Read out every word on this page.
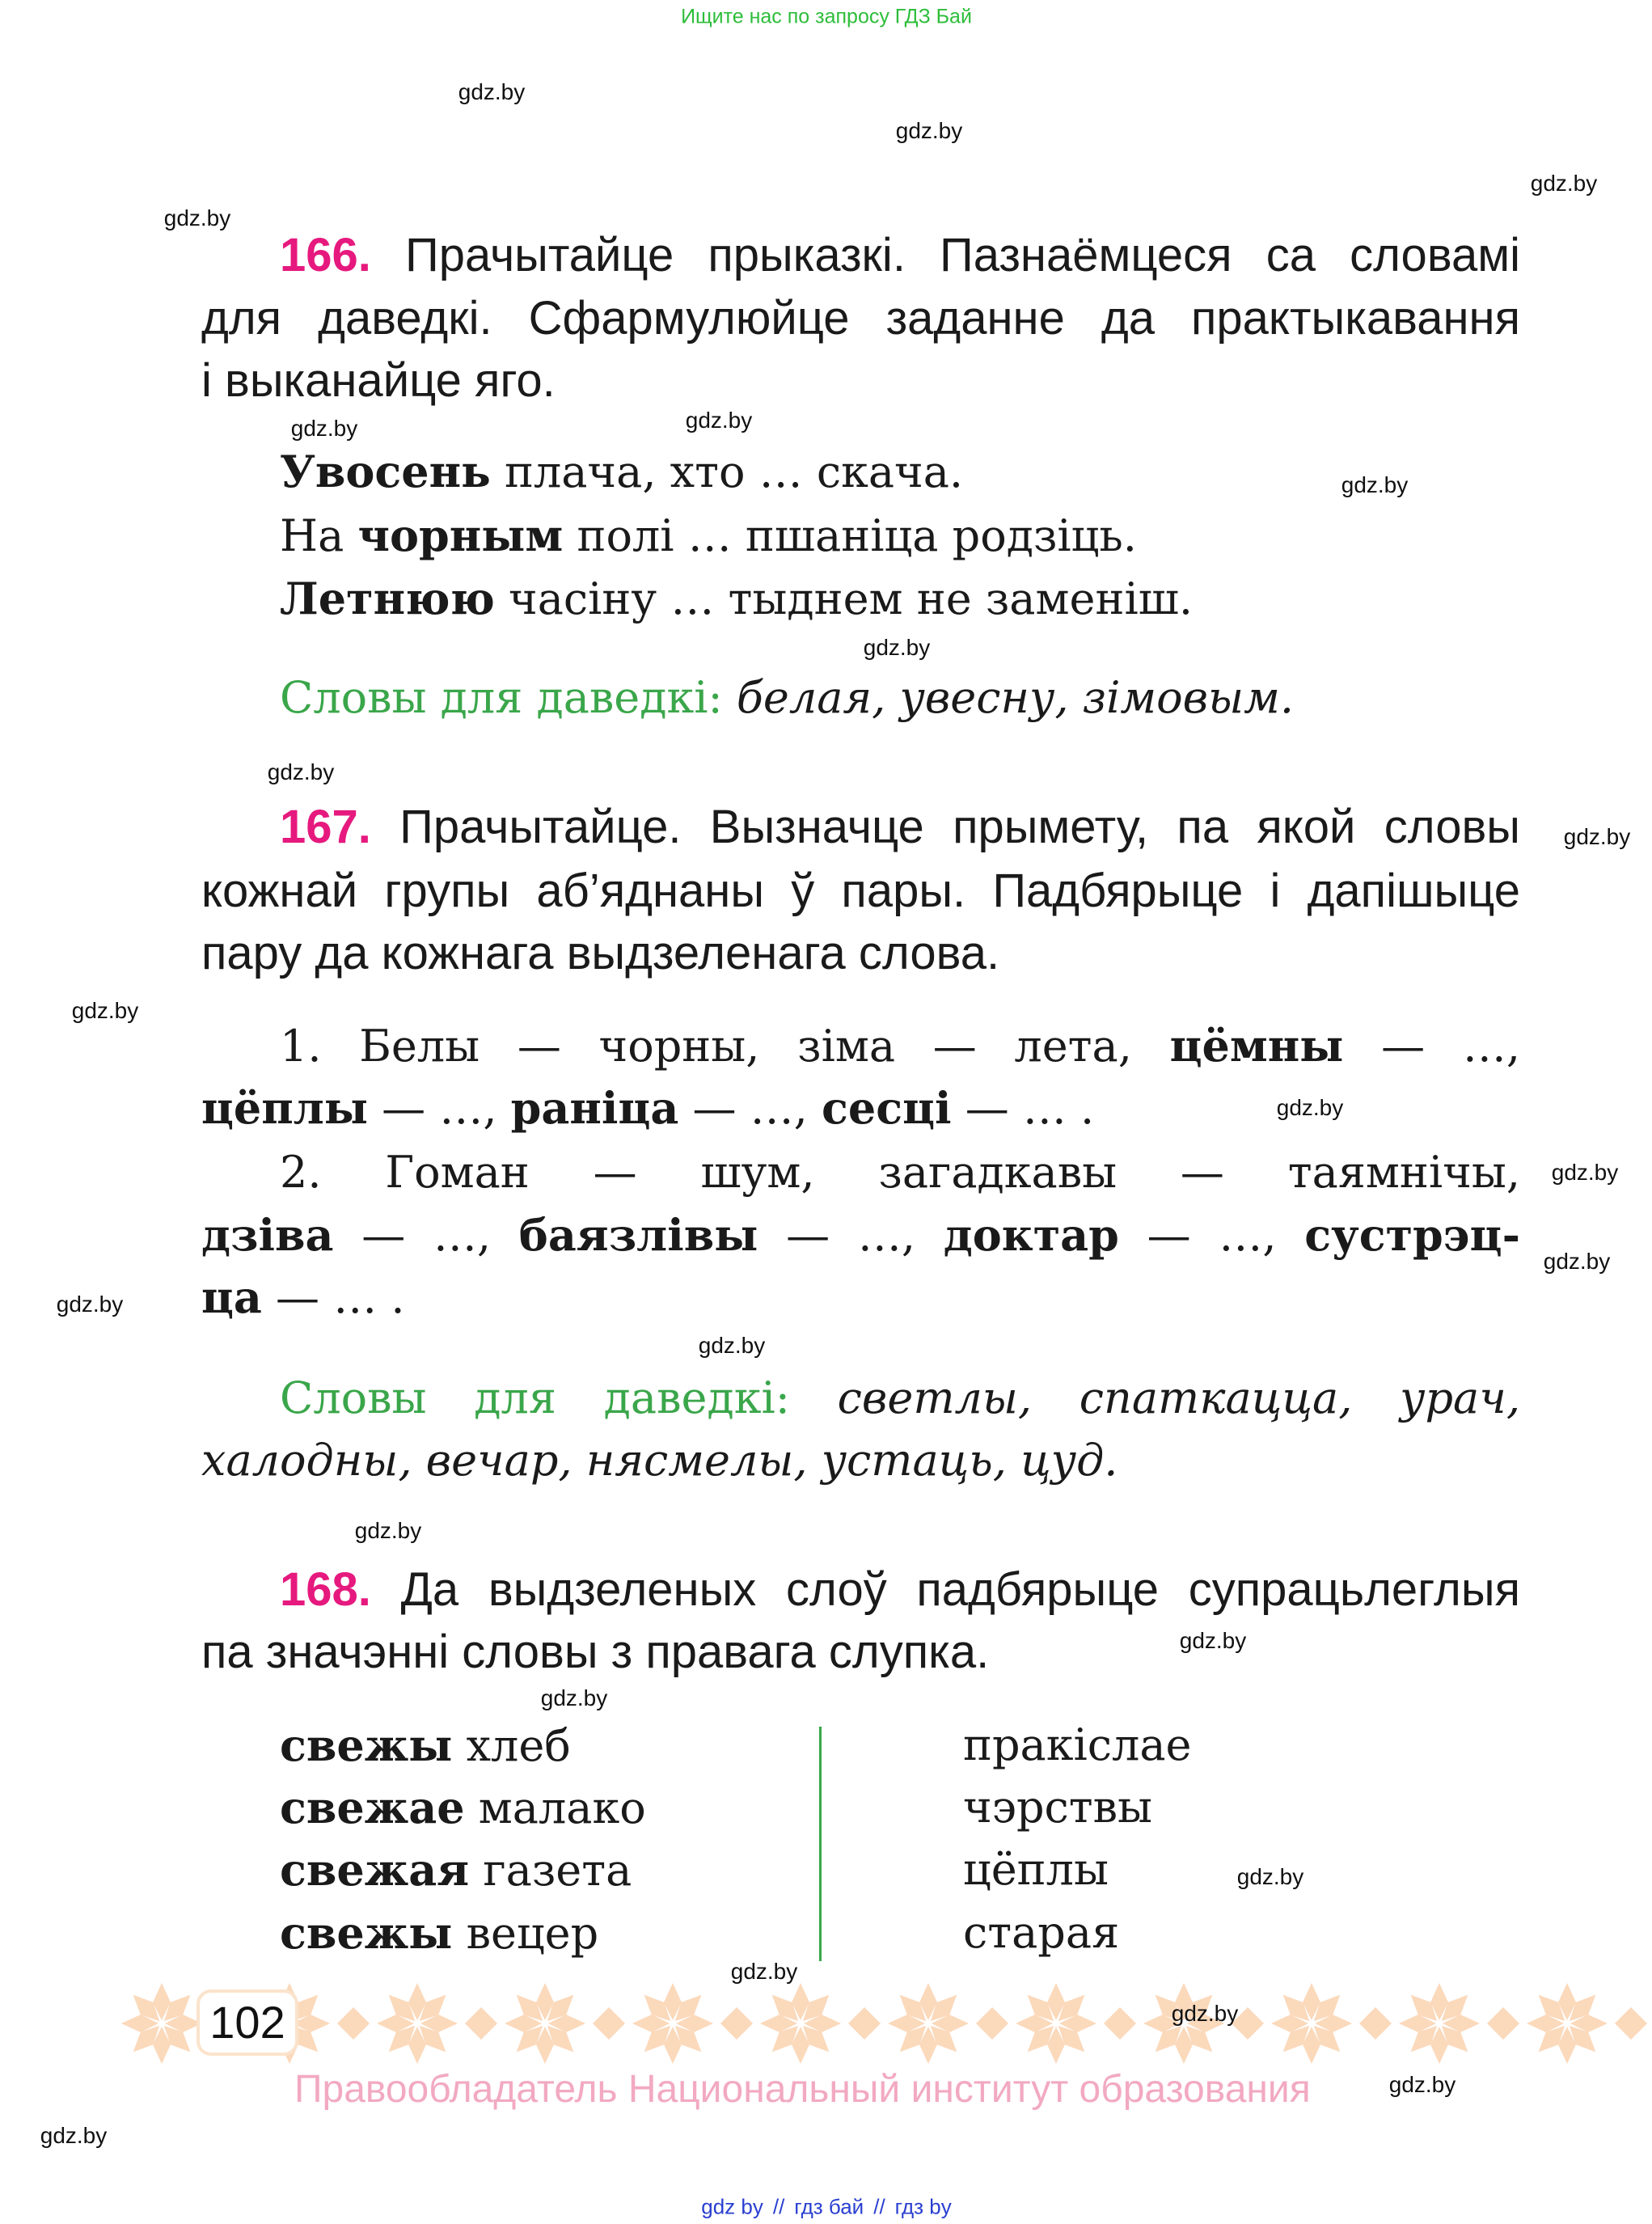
Ищите нас по запросу ГДЗ Бай
gdz.by
gdz.by
gdz.by
gdz.by
gdz.by
gdz.by
gdz.by
gdz.by
gdz.by
gdz.by
gdz.by
gdz.by
gdz.by
gdz.by
gdz.by
gdz.by
gdz.by
gdz.by
gdz.by
gdz.by
gdz.by
gdz.by
gdz.by
gdz.by
166. Прачытайце прыказкі. Пазнаёмцеся са словамі
для даведкі. Сфармулюйце заданне да практыкавання
і выканайце яго.
Увосень плача, хто … скача.
На чорным полі … пшаніца родзіць.
Летнюю часіну … тыднем не заменіш.
Словы для даведкі: белая, увесну, зімовым.
167. Прачытайце. Вызначце прымету, па якой словы
кожнай групы аб’яднаны ў пары. Падбярыце і дапішыце
пару да кожнага выдзеленага слова.
1. Белы — чорны, зіма — лета, цёмны — …,
цёплы — …, раніца — …, сесці — … .
2. Гоман — шум, загадкавы — таямнічы,
дзіва — …, баязлівы — …, доктар — …, сустрэц-
ца — … .
Словы для даведкі: светлы, спаткацца, урач,
халодны, вечар, нясмелы, устаць, цуд.
168. Да выдзеленых слоў падбярыце супрацьлеглыя
па значэнні словы з правага слупка.
свежы хлеб
свежае малако
свежая газета
свежы вецер
пракіслае
чэрствы
цёплы
старая
102
Правообладатель Национальный институт образования
gdz by // гдз бай // гдз by
